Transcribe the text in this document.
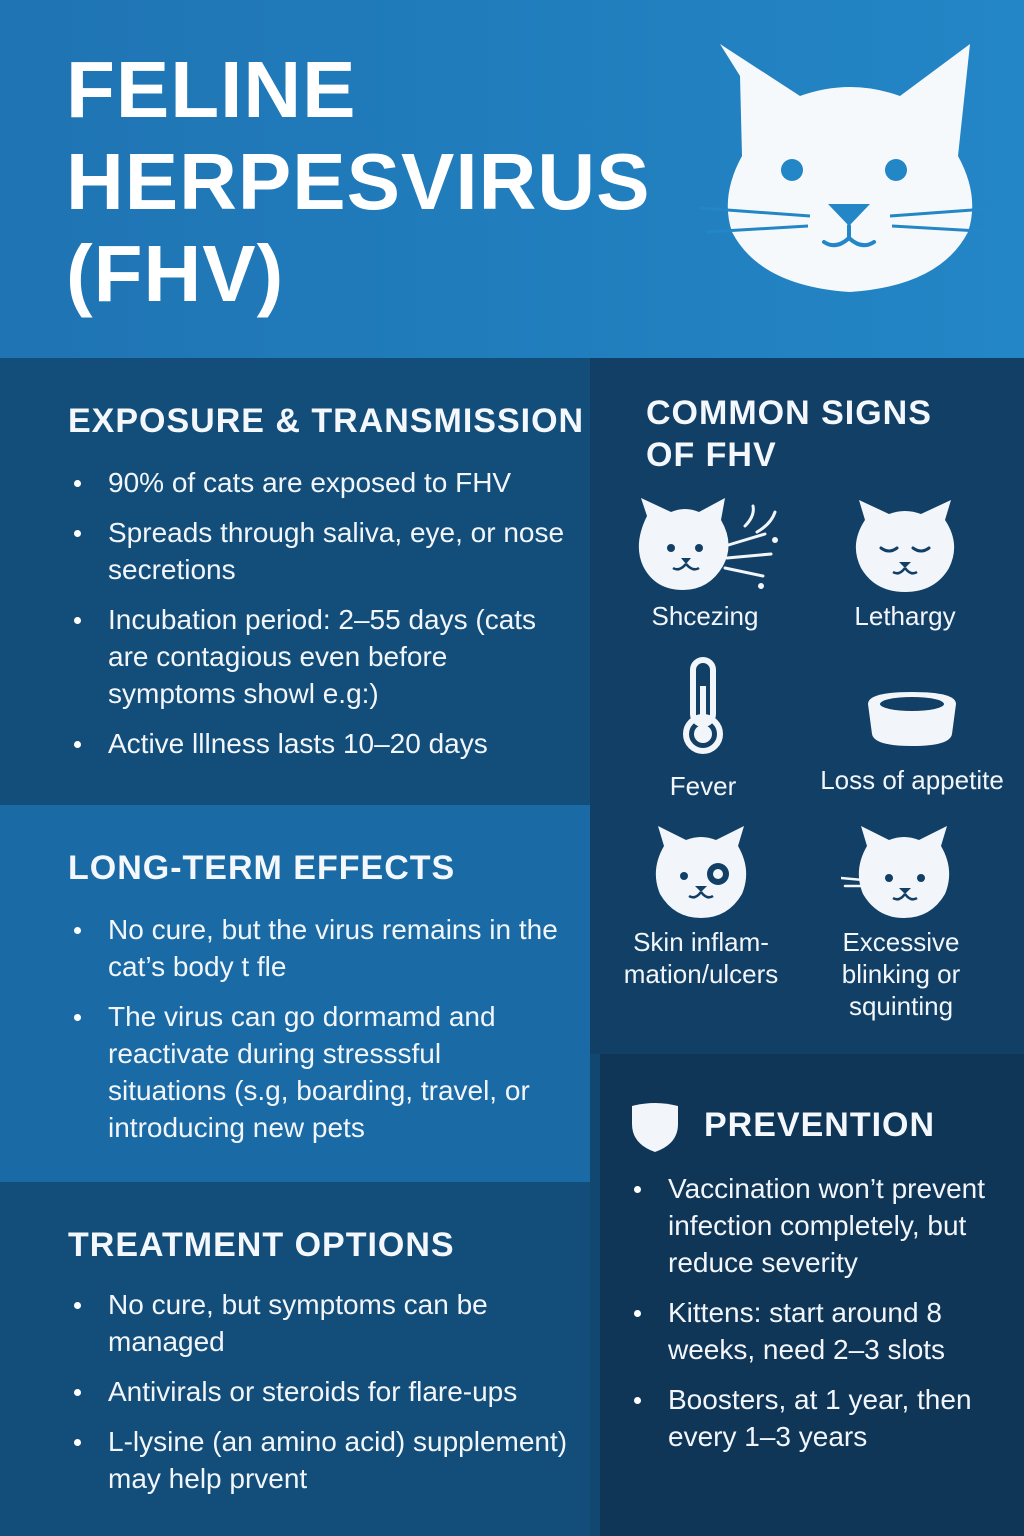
FELINE
HERPESVIRUS
(FHV)
EXPOSURE & TRANSMISSION
90% of cats are exposed to FHV
Spreads through saliva, eye, or nose secretions
Incubation period: 2–55 days (cats are contagious even before symptoms showl e.g:)
Active lllness lasts 10–20 days
LONG-TERM EFFECTS
No cure, but the virus remains in the cat’s body t fle
The virus can go dormamd and reactivate during stresssful situations (s.g, boarding, travel, or introducing new pets
TREATMENT OPTIONS
No cure, but symptoms can be managed
Antivirals or steroids for flare-ups
L-lysine (an amino acid) supplement) may help prvent
COMMON SIGNS
OF FHV
Shcezing	Lethargy
Fever	Loss of appetite
Skin inflam- mation/ulcers
Excessive blinking or squinting
PREVENTION
Vaccination won’t prevent infection completely, but reduce severity
Kittens: start around 8 weeks, need 2–3 slots
Boosters, at 1 year, then every 1–3 years
